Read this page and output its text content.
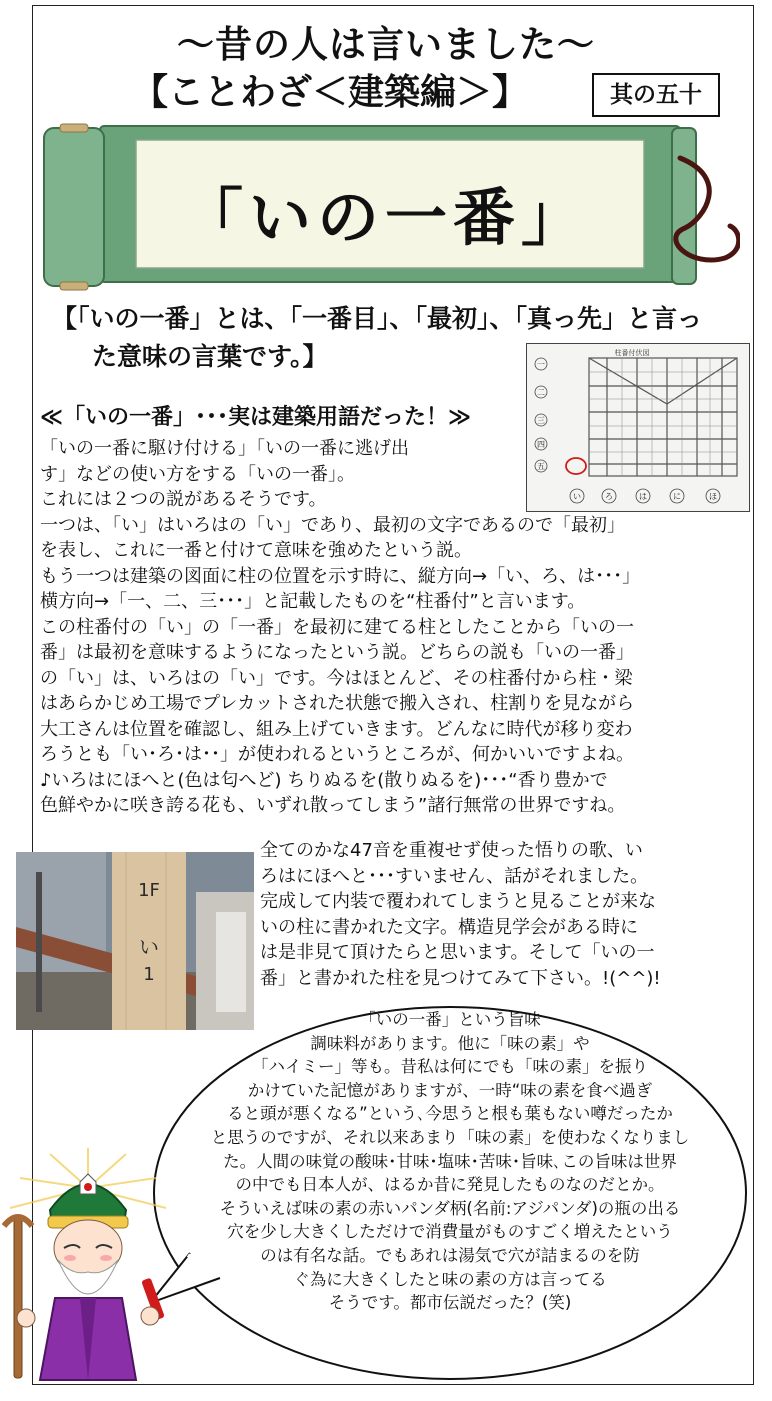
～昔の人は言いました～
【ことわざ＜建築編＞】	其の五十
「いの一番」
【「いの一番」とは、「一番目」、「最初」、「真っ先」と言っ
た意味の言葉です。】	柱番付伏図
一
二
三
四
五
い	ろ	は	に	ほ
≪「いの一番」･･･実は建築用語だった！≫
「いの一番に駆け付ける」「いの一番に逃げ出
す」などの使い方をする「いの一番」。
これには２つの説があるそうです。
一つは、「い」はいろはの「い」であり、最初の文字であるので「最初」
を表し、これに一番と付けて意味を強めたという説。
もう一つは建築の図面に柱の位置を示す時に、縦方向→「い、ろ、は･･･」
横方向→「一、二、三･･･」と記載したものを“柱番付”と言います。
この柱番付の「い」の「一番」を最初に建てる柱としたことから「いの一
番」は最初を意味するようになったという説。どちらの説も「いの一番」
の「い」は、いろはの「い」です。今はほとんど、その柱番付から柱・梁
はあらかじめ工場でプレカットされた状態で搬入され、柱割りを見ながら
大工さんは位置を確認し、組み上げていきます。どんなに時代が移り変わ
ろうとも「い･ろ･は･･」が使われるというところが、何かいいですよね。
♪いろはにほへと(色は匂へど) ちりぬるを(散りぬるを)･･･“香り豊かで
色鮮やかに咲き誇る花も、いずれ散ってしまう”諸行無常の世界ですね。
1F
い
1
全てのかな47音を重複せず使った悟りの歌、い
ろはにほへと･･･すいません、話がそれました。
完成して内装で覆われてしまうと見ることが来な
いの柱に書かれた文字。構造見学会がある時に
は是非見て頂けたらと思います。そして「いの一
番」と書かれた柱を見つけてみて下さい。!(^^)!
「いの一番」という旨味
調味料があります。他に「味の素」や
「ハイミー」等も。昔私は何にでも「味の素」を振り
かけていた記憶がありますが、一時“味の素を食べ過ぎ
ると頭が悪くなる”という､今思うと根も葉もない噂だったか
と思うのですが、それ以来あまり「味の素」を使わなくなりまし
た。人間の味覚の酸味･甘味･塩味･苦味･旨味､この旨味は世界
の中でも日本人が、はるか昔に発見したものなのだとか。
そういえば味の素の赤いパンダ柄(名前:アジパンダ)の瓶の出る
穴を少し大きくしただけで消費量がものすごく増えたという
のは有名な話。でもあれは湯気で穴が詰まるのを防
ぐ為に大きくしたと味の素の方は言ってる
そうです。都市伝説だった？(笑)
